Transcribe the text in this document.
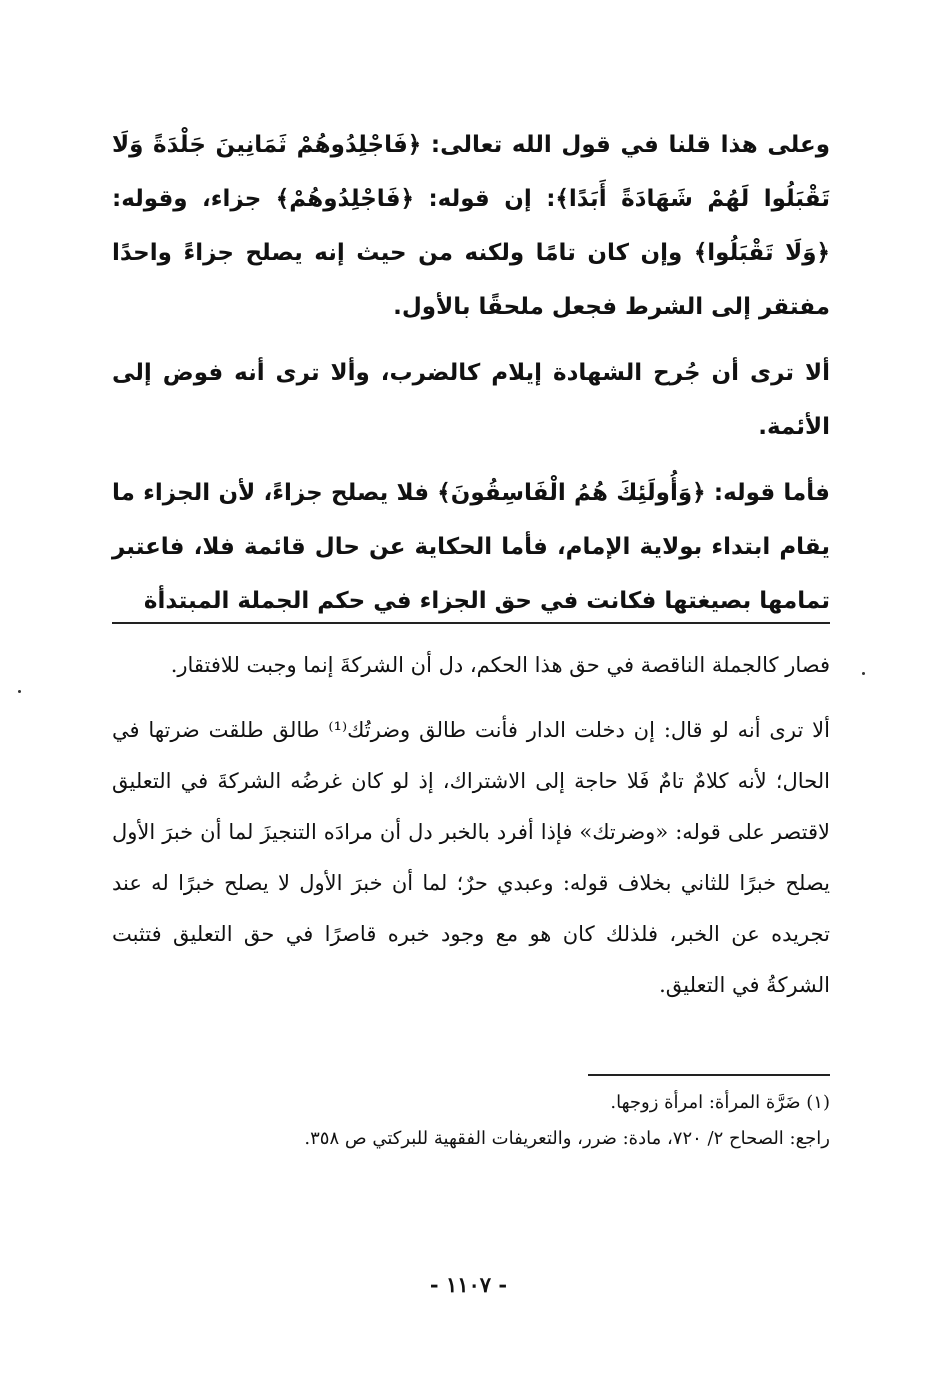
وعلى هذا قلنا في قول الله تعالى: ﴿فَاجْلِدُوهُمْ ثَمَانِينَ جَلْدَةً وَلَا تَقْبَلُوا لَهُمْ شَهَادَةً أَبَدًا﴾: إن قوله: ﴿فَاجْلِدُوهُمْ﴾ جزاء، وقوله: ﴿وَلَا تَقْبَلُوا﴾ وإن كان تامًا ولكنه من حيث إنه يصلح جزاءً واحدًا مفتقر إلى الشرط فجعل ملحقًا بالأول.

ألا ترى أن جُرح الشهادة إيلام كالضرب، وألا ترى أنه فوض إلى الأئمة.

فأما قوله: ﴿وَأُولَئِكَ هُمُ الْفَاسِقُونَ﴾ فلا يصلح جزاءً، لأن الجزاء ما يقام ابتداء بولاية الإمام، فأما الحكاية عن حال قائمة فلا، فاعتبر تمامها بصيغتها فكانت في حق الجزاء في حكم الجملة المبتدأة

فصار كالجملة الناقصة في حق هذا الحكم، دل أن الشركةَ إنما وجبت للافتقار.

ألا ترى أنه لو قال: إن دخلت الدار فأنت طالق وضرتُك⁽¹⁾ طالق طلقت ضرتها في الحال؛ لأنه كلامٌ تامٌ فَلا حاجة إلى الاشتراك، إذ لو كان غرضُه الشركةَ في التعليق لاقتصر على قوله: «وضرتك» فإذا أفرد بالخبر دل أن مرادَه التنجيزَ لما أن خبرَ الأول يصلح خبرًا للثاني بخلاف قوله: وعبدي حرٌ؛ لما أن خبرَ الأول لا يصلح خبرًا له عند تجريده عن الخبر، فلذلك كان هو مع وجود خبره قاصرًا في حق التعليق فتثبت الشركةُ في التعليق.

(١) ضَرَّة المرأة: امرأة زوجها.
راجع: الصحاح ٢/ ٧٢٠، مادة: ضرر، والتعريفات الفقهية للبركتي ص ٣٥٨.
- ١١٠٧ -
